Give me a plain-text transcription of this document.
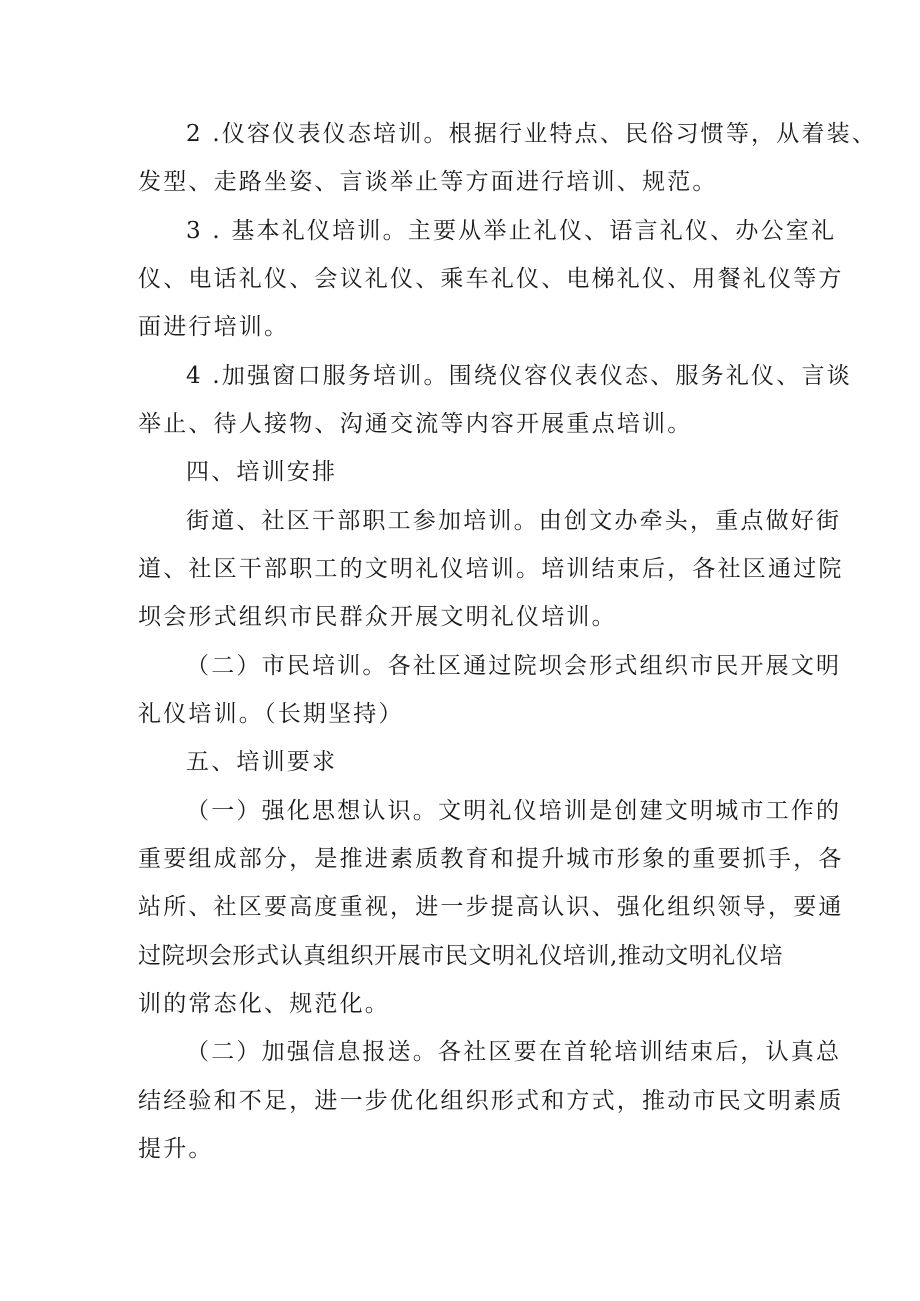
2 .仪容仪表仪态培训。根据行业特点、民俗习惯等，从着装、
发型、走路坐姿、言谈举止等方面进行培训、规范。
3 . 基本礼仪培训。主要从举止礼仪、语言礼仪、办公室礼
仪、电话礼仪、会议礼仪、乘车礼仪、电梯礼仪、用餐礼仪等方
面进行培训。
4 .加强窗口服务培训。围绕仪容仪表仪态、服务礼仪、言谈
举止、待人接物、沟通交流等内容开展重点培训。
四、培训安排
街道、社区干部职工参加培训。由创文办牵头，重点做好街
道、社区干部职工的文明礼仪培训。培训结束后，各社区通过院
坝会形式组织市民群众开展文明礼仪培训。
（二）市民培训。各社区通过院坝会形式组织市民开展文明
礼仪培训。（长期坚持）
五、培训要求
（一）强化思想认识。文明礼仪培训是创建文明城市工作的
重要组成部分，是推进素质教育和提升城市形象的重要抓手，各
站所、社区要高度重视，进一步提高认识、强化组织领导，要通
过院坝会形式认真组织开展市民文明礼仪培训,推动文明礼仪培
训的常态化、规范化。
（二）加强信息报送。各社区要在首轮培训结束后，认真总
结经验和不足，进一步优化组织形式和方式，推动市民文明素质
提升。
